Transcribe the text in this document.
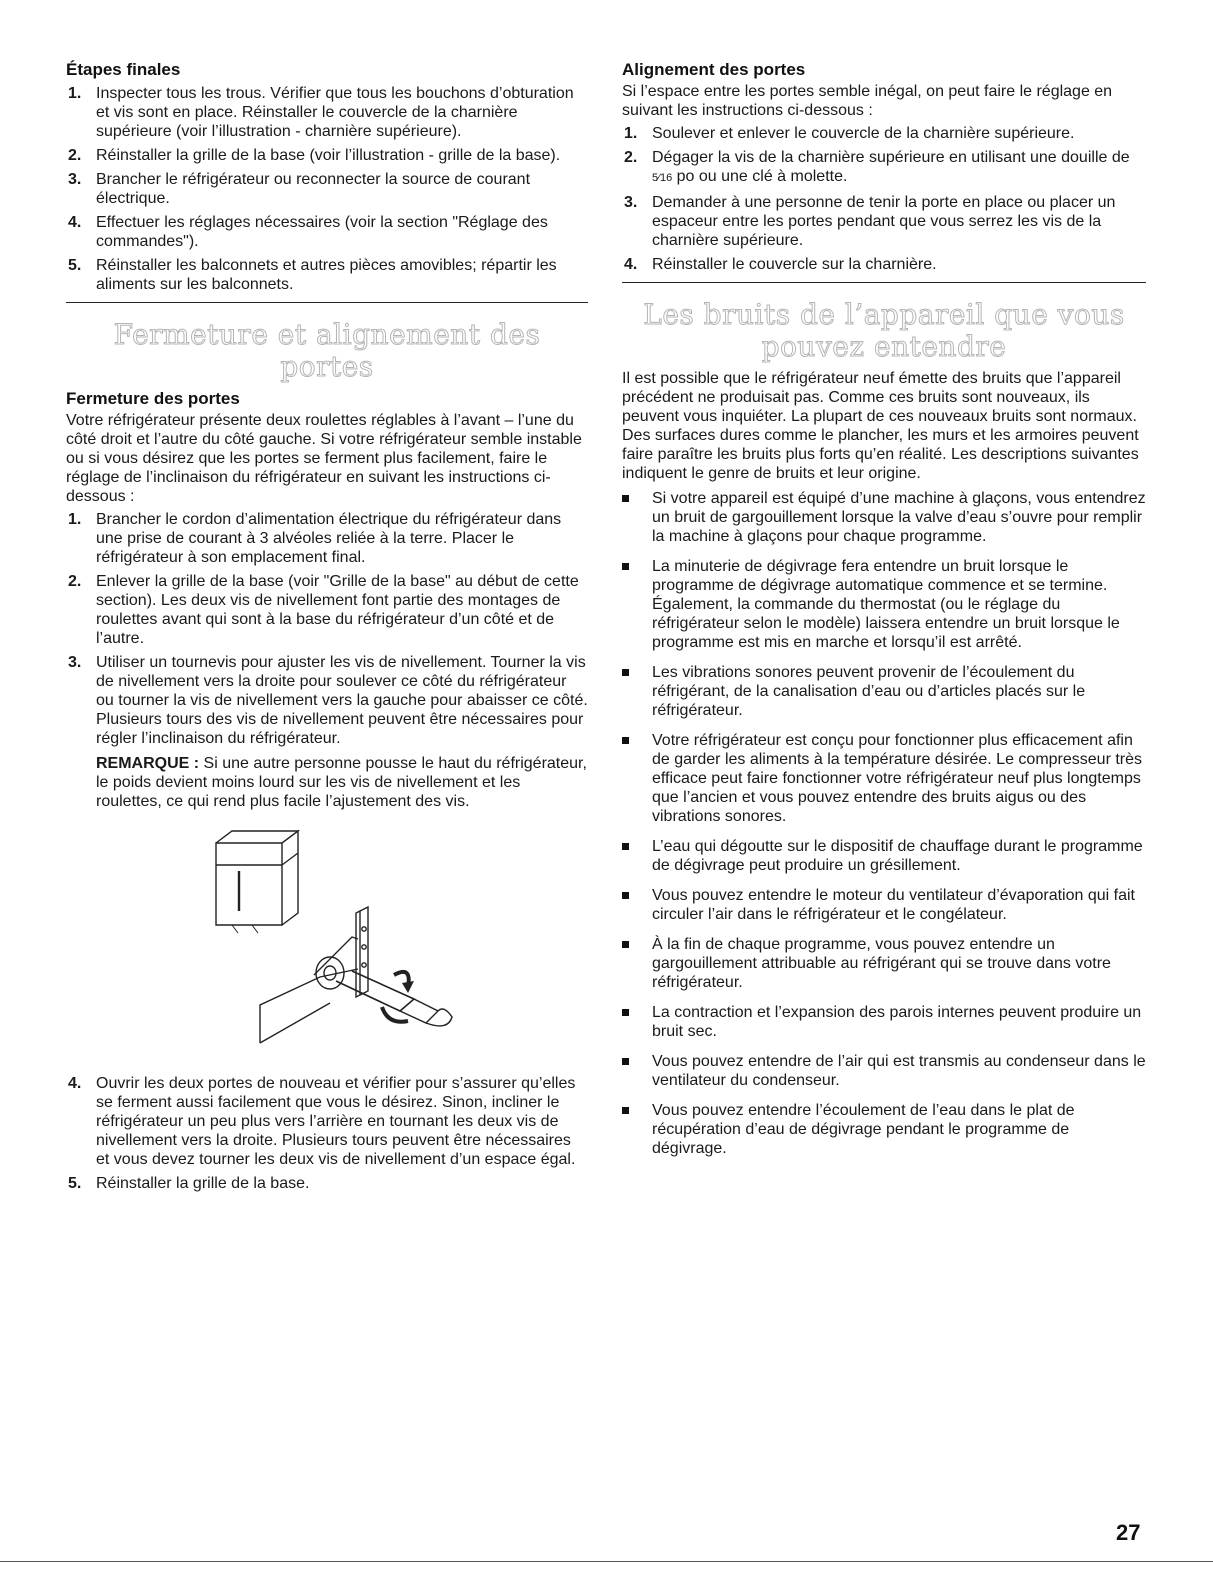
Étapes finales
1. Inspecter tous les trous. Vérifier que tous les bouchons d’obturation et vis sont en place. Réinstaller le couvercle de la charnière supérieure (voir l’illustration - charnière supérieure).
2. Réinstaller la grille de la base (voir l’illustration - grille de la base).
3. Brancher le réfrigérateur ou reconnecter la source de courant électrique.
4. Effectuer les réglages nécessaires (voir la section "Réglage des commandes").
5. Réinstaller les balconnets et autres pièces amovibles; répartir les aliments sur les balconnets.
Fermeture et alignement des portes
Fermeture des portes

Votre réfrigérateur présente deux roulettes réglables à l’avant – l’une du côté droit et l’autre du côté gauche. Si votre réfrigérateur semble instable ou si vous désirez que les portes se ferment plus facilement, faire le réglage de l’inclinaison du réfrigérateur en suivant les instructions ci-dessous :

1. Brancher le cordon d’alimentation électrique du réfrigérateur dans une prise de courant à 3 alvéoles reliée à la terre. Placer le réfrigérateur à son emplacement final.
2. Enlever la grille de la base (voir "Grille de la base" au début de cette section). Les deux vis de nivellement font partie des montages de roulettes avant qui sont à la base du réfrigérateur d’un côté et de l’autre.
3. Utiliser un tournevis pour ajuster les vis de nivellement. Tourner la vis de nivellement vers la droite pour soulever ce côté du réfrigérateur ou tourner la vis de nivellement vers la gauche pour abaisser ce côté. Plusieurs tours des vis de nivellement peuvent être nécessaires pour régler l’inclinaison du réfrigérateur.
REMARQUE : Si une autre personne pousse le haut du réfrigérateur, le poids devient moins lourd sur les vis de nivellement et les roulettes, ce qui rend plus facile l’ajustement des vis.
4. Ouvrir les deux portes de nouveau et vérifier pour s’assurer qu’elles se ferment aussi facilement que vous le désirez. Sinon, incliner le réfrigérateur un peu plus vers l’arrière en tournant les deux vis de nivellement vers la droite. Plusieurs tours peuvent être nécessaires et vous devez tourner les deux vis de nivellement d’un espace égal.
5. Réinstaller la grille de la base.
Alignement des portes

Si l’espace entre les portes semble inégal, on peut faire le réglage en suivant les instructions ci-dessous :

1. Soulever et enlever le couvercle de la charnière supérieure.
2. Dégager la vis de la charnière supérieure en utilisant une douille de 5⁄16 po ou une clé à molette.
3. Demander à une personne de tenir la porte en place ou placer un espaceur entre les portes pendant que vous serrez les vis de la charnière supérieure.
4. Réinstaller le couvercle sur la charnière.
Les bruits de l’appareil que vous pouvez entendre

Il est possible que le réfrigérateur neuf émette des bruits que l’appareil précédent ne produisait pas. Comme ces bruits sont nouveaux, ils peuvent vous inquiéter. La plupart de ces nouveaux bruits sont normaux. Des surfaces dures comme le plancher, les murs et les armoires peuvent faire paraître les bruits plus forts qu’en réalité. Les descriptions suivantes indiquent le genre de bruits et leur origine.

Si votre appareil est équipé d’une machine à glaçons, vous entendrez un bruit de gargouillement lorsque la valve d’eau s’ouvre pour remplir la machine à glaçons pour chaque programme.
La minuterie de dégivrage fera entendre un bruit lorsque le programme de dégivrage automatique commence et se termine. Également, la commande du thermostat (ou le réglage du réfrigérateur selon le modèle) laissera entendre un bruit lorsque le programme est mis en marche et lorsqu’il est arrêté.
Les vibrations sonores peuvent provenir de l’écoulement du réfrigérant, de la canalisation d’eau ou d’articles placés sur le réfrigérateur.
Votre réfrigérateur est conçu pour fonctionner plus efficacement afin de garder les aliments à la température désirée. Le compresseur très efficace peut faire fonctionner votre réfrigérateur neuf plus longtemps que l’ancien et vous pouvez entendre des bruits aigus ou des vibrations sonores.
L’eau qui dégoutte sur le dispositif de chauffage durant le programme de dégivrage peut produire un grésillement.
Vous pouvez entendre le moteur du ventilateur d’évaporation qui fait circuler l’air dans le réfrigérateur et le congélateur.
À la fin de chaque programme, vous pouvez entendre un gargouillement attribuable au réfrigérant qui se trouve dans votre réfrigérateur.
La contraction et l’expansion des parois internes peuvent produire un bruit sec.
Vous pouvez entendre de l’air qui est transmis au condenseur dans le ventilateur du condenseur.
Vous pouvez entendre l’écoulement de l’eau dans le plat de récupération d’eau de dégivrage pendant le programme de dégivrage.
27
